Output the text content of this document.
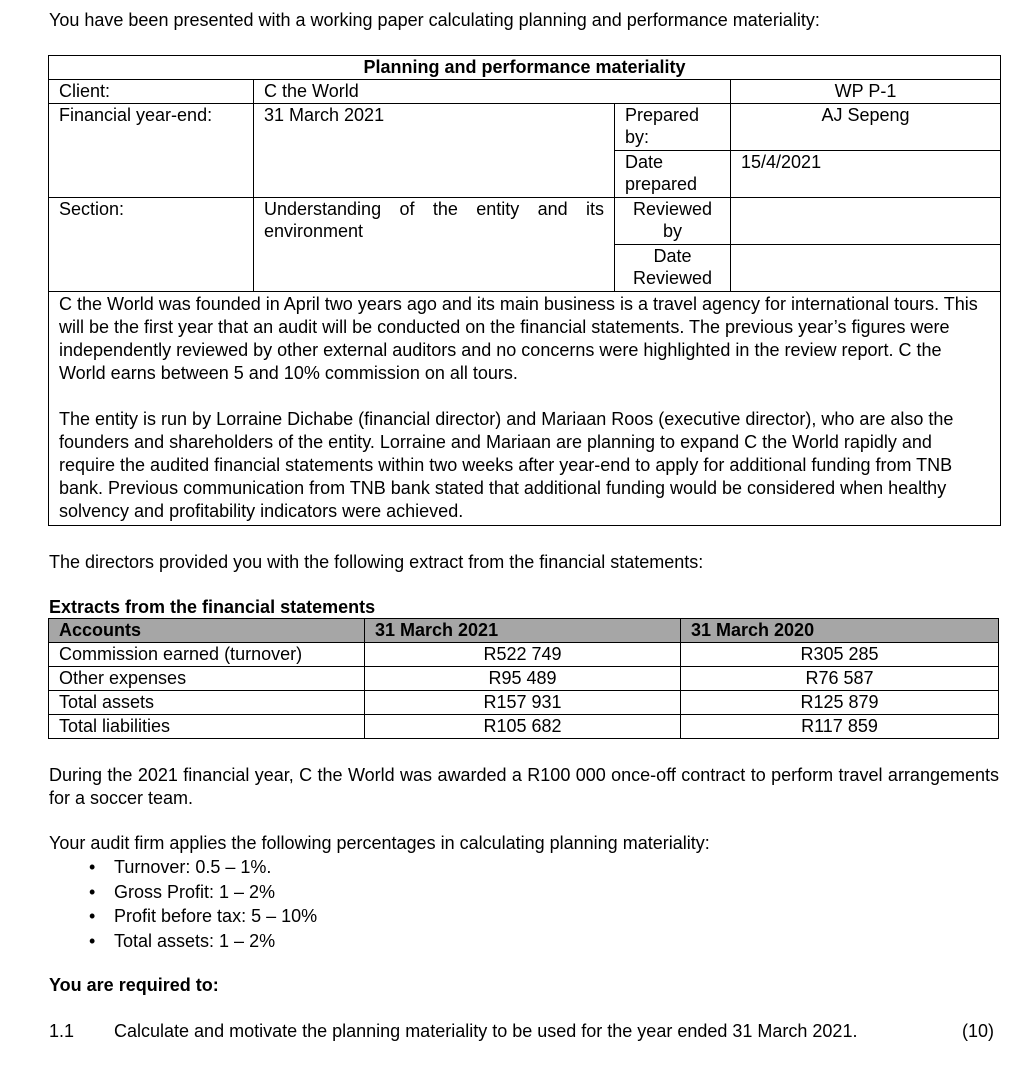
You have been presented with a working paper calculating planning and performance materiality:

Planning and performance materiality			
Client:	C the World		WP P-1
Financial year-end:	31 March 2021	Prepared by:	AJ Sepeng
		Date prepared	15/4/2021
Section:	Understanding of the entity and its environment	Reviewed by	
		Date Reviewed	

C the World was founded in April two years ago and its main business is a travel agency for international tours. This will be the first year that an audit will be conducted on the financial statements. The previous year’s figures were independently reviewed by other external auditors and no concerns were highlighted in the review report. C the World earns between 5 and 10% commission on all tours.

The entity is run by Lorraine Dichabe (financial director) and Mariaan Roos (executive director), who are also the founders and shareholders of the entity. Lorraine and Mariaan are planning to expand C the World rapidly and require the audited financial statements within two weeks after year-end to apply for additional funding from TNB bank. Previous communication from TNB bank stated that additional funding would be considered when healthy solvency and profitability indicators were achieved.			

The directors provided you with the following extract from the financial statements:

Extracts from the financial statements

Accounts	31 March 2021	31 March 2020
Commission earned (turnover)	R522 749	R305 285
Other expenses	R95 489	R76 587
Total assets	R157 931	R125 879
Total liabilities	R105 682	R117 859

During the 2021 financial year, C the World was awarded a R100 000 once-off contract to perform travel arrangements for a soccer team.

Your audit firm applies the following percentages in calculating planning materiality:

• Turnover: 0.5 – 1%.
• Gross Profit: 1 – 2%
• Profit before tax: 5 – 10%
• Total assets: 1 – 2%

You are required to:

1.1 Calculate and motivate the planning materiality to be used for the year ended 31 March 2021.	(10)
